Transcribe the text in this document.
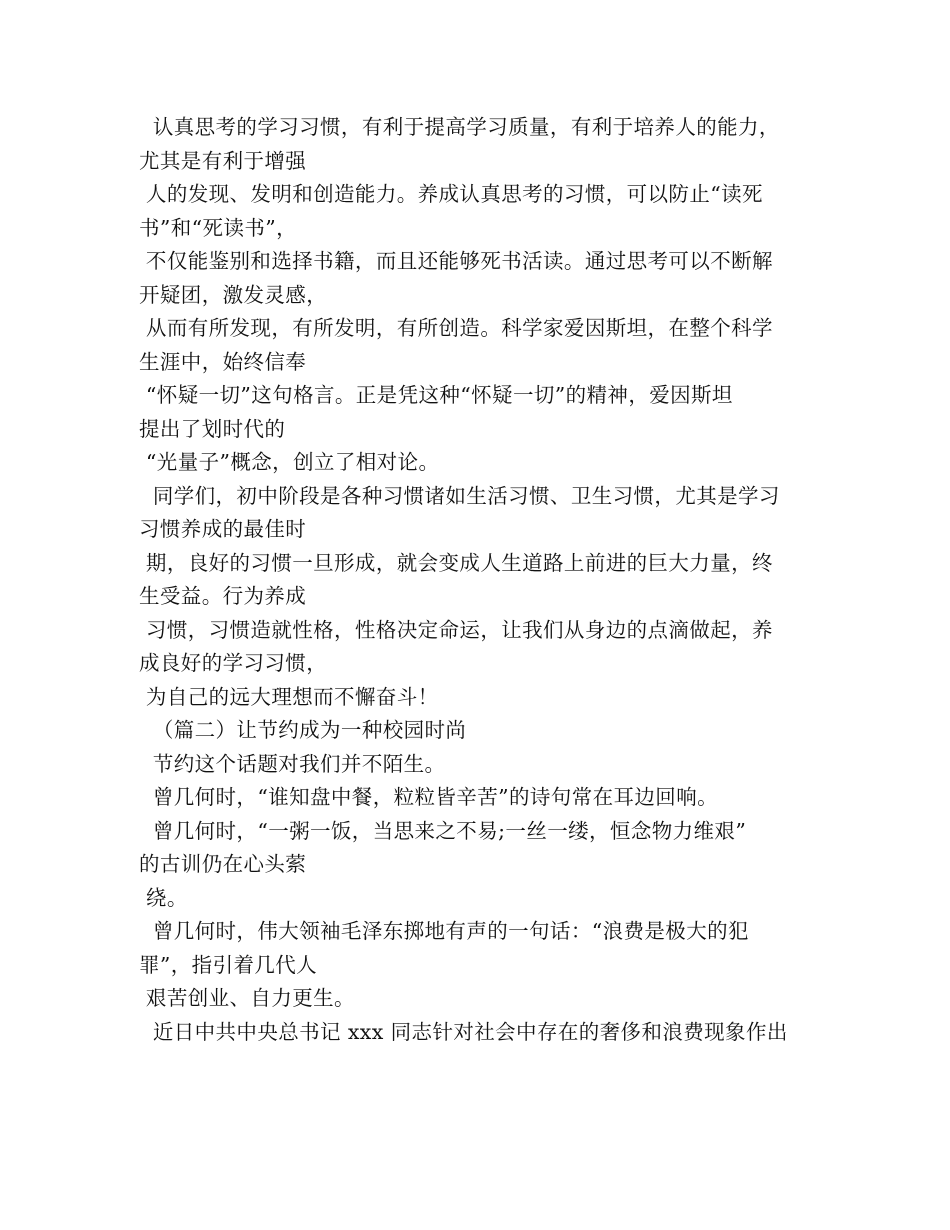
认真思考的学习习惯，有利于提高学习质量，有利于培养人的能力，
尤其是有利于增强
人的发现、发明和创造能力。养成认真思考的习惯，可以防止“读死
书”和“死读书”，
不仅能鉴别和选择书籍，而且还能够死书活读。通过思考可以不断解
开疑团，激发灵感，
从而有所发现，有所发明，有所创造。科学家爱因斯坦，在整个科学
生涯中，始终信奉
“怀疑一切”这句格言。正是凭这种“怀疑一切”的精神，爱因斯坦
提出了划时代的
“光量子”概念，创立了相对论。
同学们，初中阶段是各种习惯诸如生活习惯、卫生习惯，尤其是学习
习惯养成的最佳时
期，良好的习惯一旦形成，就会变成人生道路上前进的巨大力量，终
生受益。行为养成
习惯，习惯造就性格，性格决定命运，让我们从身边的点滴做起，养
成良好的学习习惯，
为自己的远大理想而不懈奋斗！
（篇二）让节约成为一种校园时尚
节约这个话题对我们并不陌生。
曾几何时，“谁知盘中餐，粒粒皆辛苦”的诗句常在耳边回响。
曾几何时，“一粥一饭，当思来之不易;一丝一缕，恒念物力维艰”
的古训仍在心头萦
绕。
曾几何时，伟大领袖毛泽东掷地有声的一句话：“浪费是极大的犯
罪”，指引着几代人
艰苦创业、自力更生。
近日中共中央总书记 xxx 同志针对社会中存在的奢侈和浪费现象作出
